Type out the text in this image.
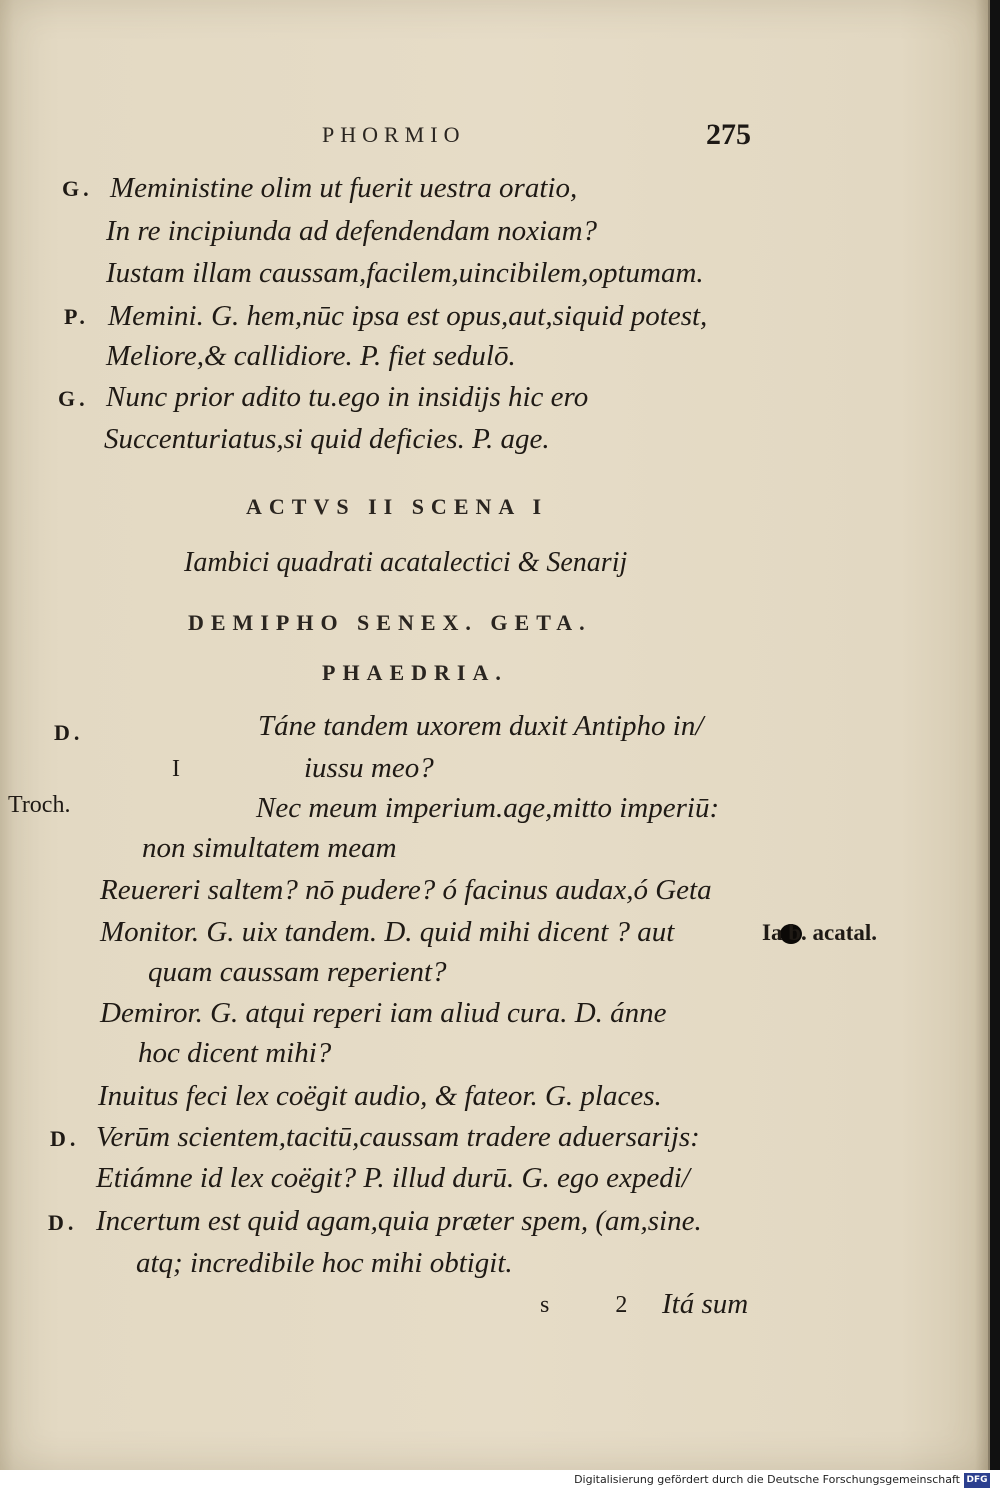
PHORMIO	275
G. Meministine olim ut fuerit uestra oratio,
In re incipiunda ad defendendam noxiam?
Iustam illam caussam,facilem,uincibilem,optumam.
P. Memini. G. hem,nūc ipsa est opus,aut,siquid potest,
Meliore,& callidiore. P. fiet sedulō.
G. Nunc prior adito tu.ego in insidijs hic ero
Succenturiatus,si quid deficies. P. age.
ACTVS II SCENA I
Iambici quadrati acatalectici & Senarij
DEMIPHO SENEX. GETA.
PHAEDRIA.
D.	Táne tandem uxorem duxit Antipho in/
I	iussu meo?
Troch.	Nec meum imperium.age,mitto imperiū:
non simultatem meam
Reuereri saltem? nō pudere? ó facinus audax,ó Geta
Monitor. G. uix tandem. D. quid mihi dicent ? aut	Ia b. acatal.
quam caussam reperient?
Demiror. G. atqui reperi iam aliud cura. D. ánne
hoc dicent mihi?
Inuitus feci lex coëgit audio, & fateor. G. places.
D. Verūm scientem,tacitū,caussam tradere aduersarijs:
Etiámne id lex coëgit? P. illud durū. G. ego expedi/
D. Incertum est quid agam,quia præter spem, (am,sine.
atq; incredibile hoc mihi obtigit.
s 2 Itá sum
Digitalisierung gefördert durch die Deutsche Forschungsgemeinschaft DFG
